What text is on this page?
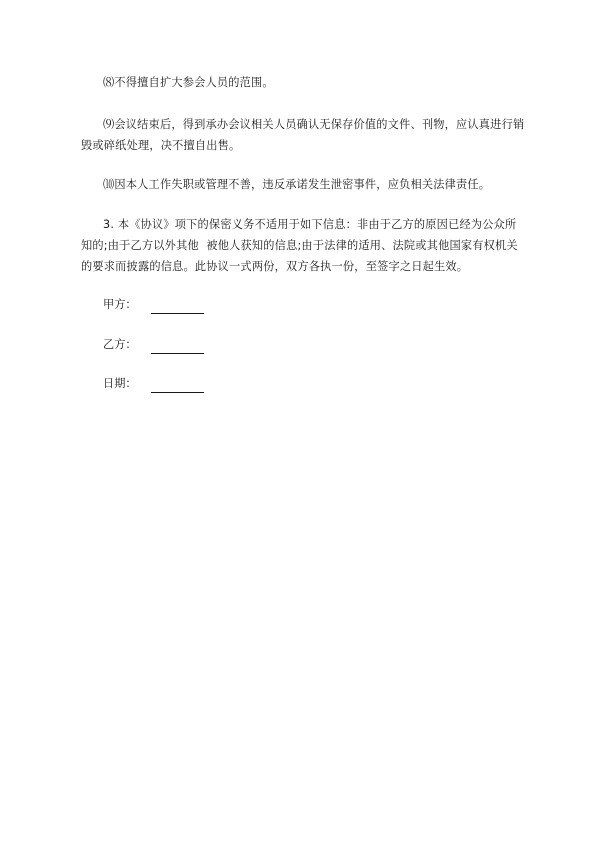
⑻不得擅自扩大参会人员的范围。

⑼会议结束后，得到承办会议相关人员确认无保存价值的文件、刊物，应认真进行销毁或碎纸处理，决不擅自出售。

⑽因本人工作失职或管理不善，违反承诺发生泄密事件，应负相关法律责任。

3. 本《协议》项下的保密义务不适用于如下信息：非由于乙方的原因已经为公众所知的;由于乙方以外其他  被他人获知的信息;由于法律的适用、法院或其他国家有权机关的要求而披露的信息。此协议一式两份，双方各执一份，至签字之日起生效。

甲方：
乙方：
日期：
